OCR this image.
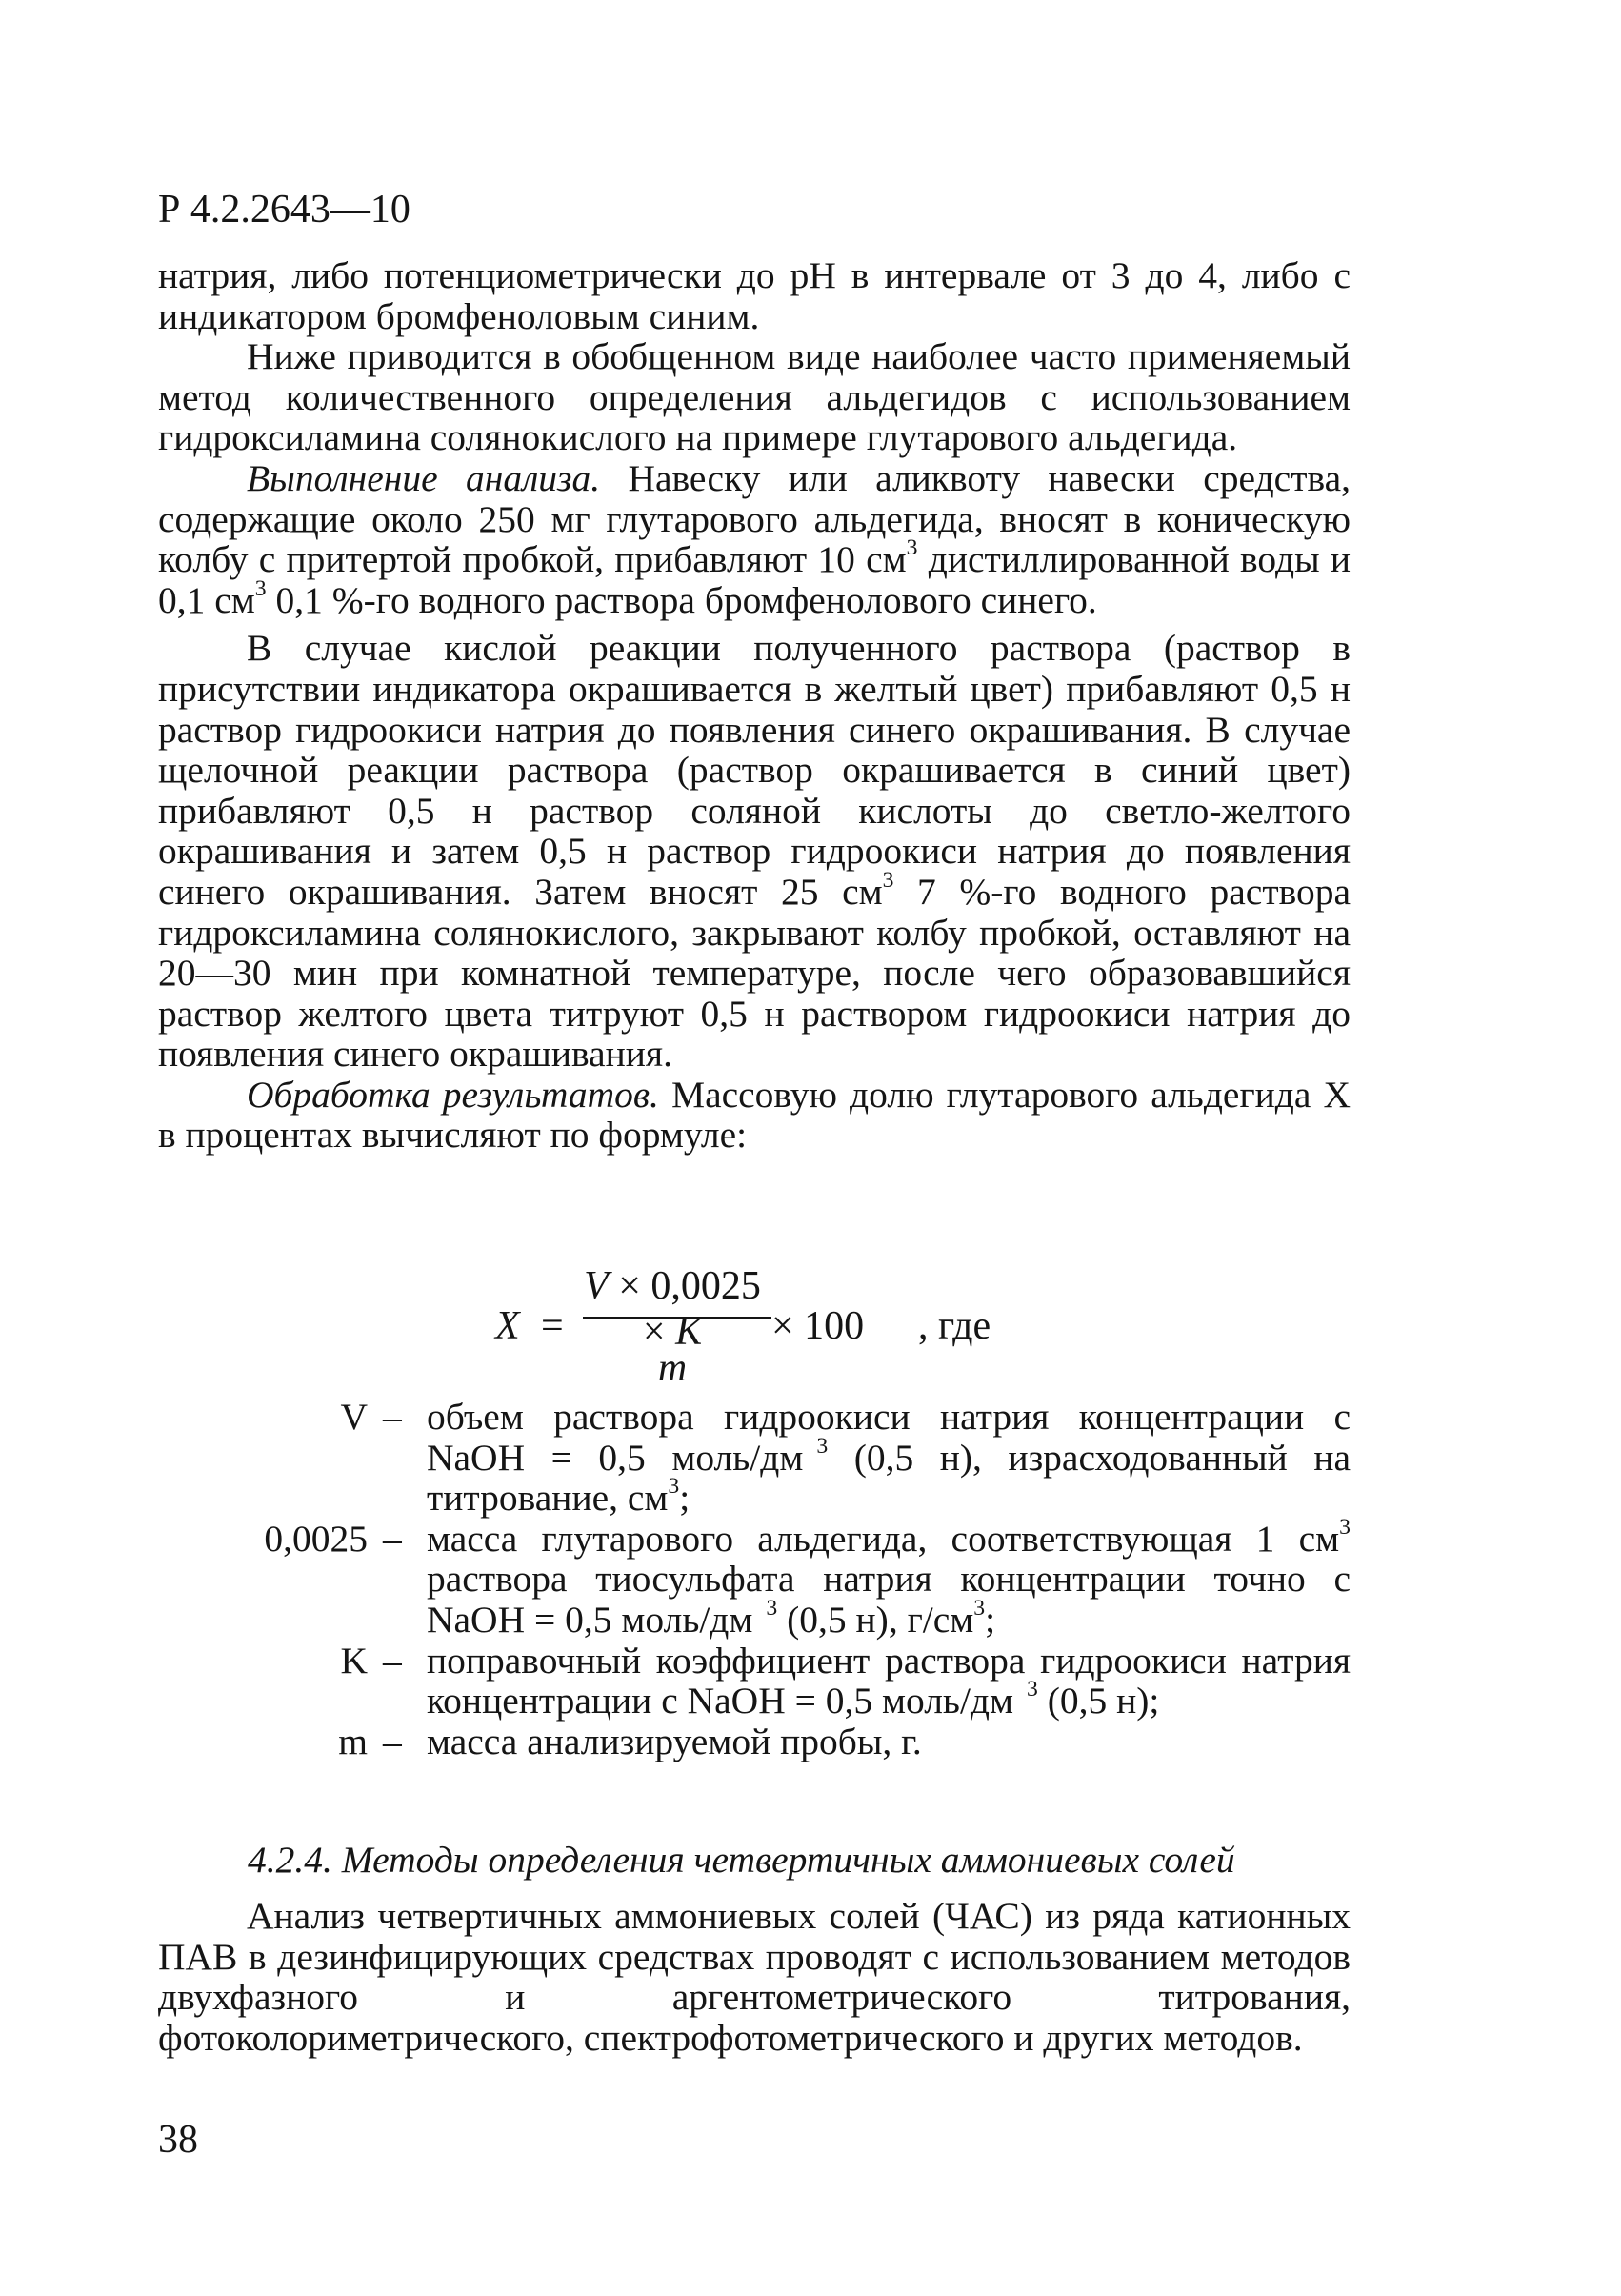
Р 4.2.2643—10

натрия, либо потенциометрически до pH в интервале от 3 до 4, либо с индикатором бромфеноловым синим.

Ниже приводится в обобщенном виде наиболее часто применяемый метод количественного определения альдегидов с использованием гидроксиламина солянокислого на примере глутарового альдегида.

Выполнение анализа. Навеску или аликвоту навески средства, содержащие около 250 мг глутарового альдегида, вносят в коническую колбу с притертой пробкой, прибавляют 10 $см^3$ дистиллированной воды и 0,1 $см^3$ 0,1 %-го водного раствора бромфенолового синего.

В случае кислой реакции полученного раствора (раствор в присутствии индикатора окрашивается в желтый цвет) прибавляют 0,5 н раствор гидроокиси натрия до появления синего окрашивания. В случае щелочной реакции раствора (раствор окрашивается в синий цвет) прибавляют 0,5 н раствор соляной кислоты до светло-желтого окрашивания и затем 0,5 н раствор гидроокиси натрия до появления синего окрашивания. Затем вносят 25 $см^3$ 7 %-го водного раствора гидроксиламина солянокислого, закрывают колбу пробкой, оставляют на 20—30 мин при комнатной температуре, после чего образовавшийся раствор желтого цвета титруют 0,5 н раствором гидроокиси натрия до появления синего окрашивания.

Обработка результатов. Массовую долю глутарового альдегида X в процентах вычисляют по формуле:

X =
V × 0,0025 × K
m
× 100 , где
V – объем раствора гидроокиси натрия концентрации с NaOH = 0,5 моль/дм $^3$ (0,5 н), израсходованный на титрование, $см^3$;
0,0025 – масса глутарового альдегида, соответствующая 1 $см^3$ раствора тиосульфата натрия концентрации точно с NaOH = 0,5 моль/дм $^3$ (0,5 н), $г/см^3$;
K – поправочный коэффициент раствора гидроокиси натрия концентрации с NaOH = 0,5 моль/дм $^3$ (0,5 н);
m – масса анализируемой пробы, г.
4.2.4. Методы определения четвертичных аммониевых солей

Анализ четвертичных аммониевых солей (ЧАС) из ряда катионных ПАВ в дезинфицирующих средствах проводят с использованием методов двухфазного и аргентометрического титрования, фотоколориметрического, спектрофотометрического и других методов.

38
